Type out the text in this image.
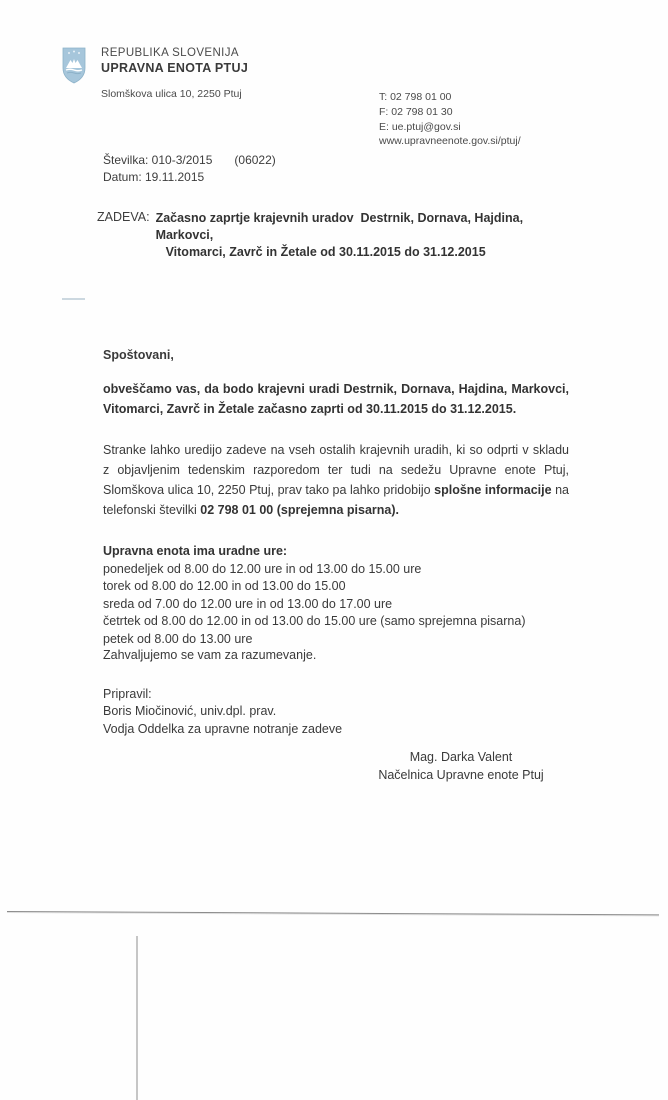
REPUBLIKA SLOVENIJA
UPRAVNA ENOTA PTUJ
Slomškova ulica 10, 2250 Ptuj	T: 02 798 01 00
F: 02 798 01 30
E: ue.ptuj@gov.si
www.upravneenote.gov.si/ptuj/
Številka: 010-3/2015 (06022)
Datum: 19.11.2015
ZADEVA: Začasno zaprtje krajevnih uradov  Destrnik, Dornava, Hajdina, Markovci,
Vitomarci, Zavrč in Žetale od 30.11.2015 do 31.12.2015
Spoštovani,

obveščamo vas, da bodo krajevni uradi Destrnik, Dornava, Hajdina, Markovci, Vitomarci, Zavrč in Žetale začasno zaprti od 30.11.2015 do 31.12.2015.

Stranke lahko uredijo zadeve na vseh ostalih krajevnih uradih, ki so odprti v skladu z objavljenim tedenskim razporedom ter tudi na sedežu Upravne enote Ptuj, Slomškova ulica 10, 2250 Ptuj, prav tako pa lahko pridobijo splošne informacije na telefonski številki 02 798 01 00 (sprejemna pisarna).

Upravna enota ima uradne ure:
ponedeljek od 8.00 do 12.00 ure in od 13.00 do 15.00 ure
torek od 8.00 do 12.00 in od 13.00 do 15.00
sreda od 7.00 do 12.00 ure in od 13.00 do 17.00 ure
četrtek od 8.00 do 12.00 in od 13.00 do 15.00 ure (samo sprejemna pisarna)
petek od 8.00 do 13.00 ure
Zahvaljujemo se vam za razumevanje.
Pripravil:
Boris Miočinović, univ.dpl. prav.
Vodja Oddelka za upravne notranje zadeve
Mag. Darka Valent
Načelnica Upravne enote Ptuj
